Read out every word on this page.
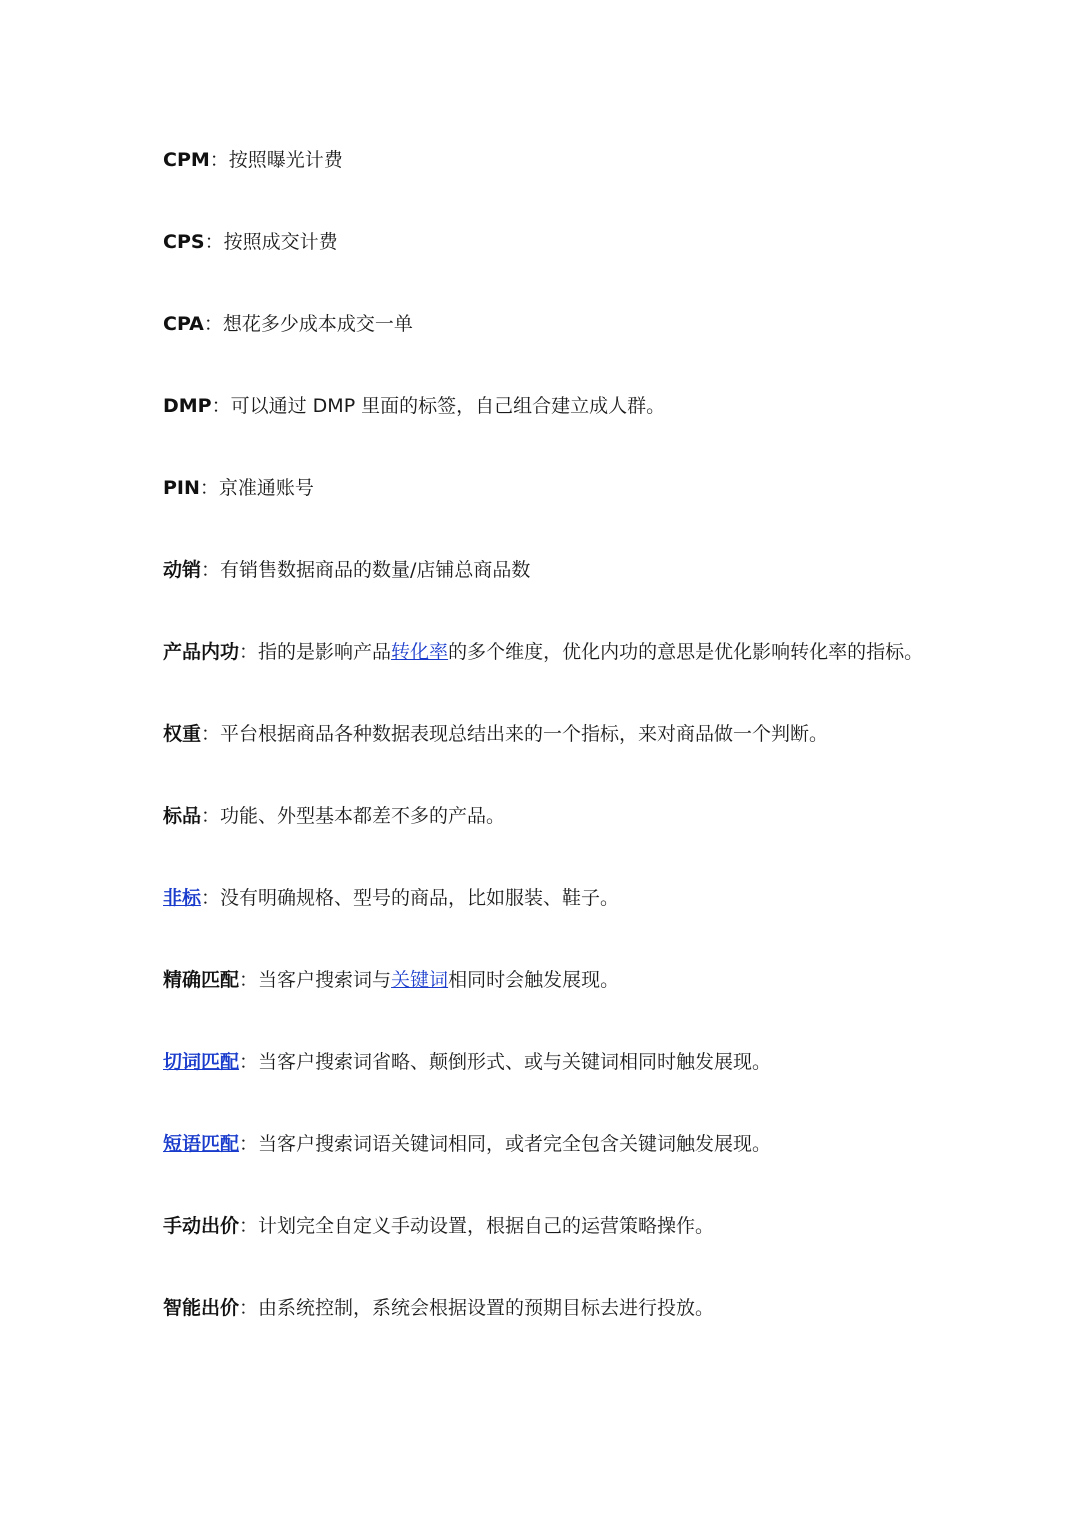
CPM：按照曝光计费
CPS：按照成交计费
CPA：想花多少成本成交一单
DMP：可以通过 DMP 里面的标签，自己组合建立成人群。
PIN：京准通账号
动销：有销售数据商品的数量/店铺总商品数
产品内功：指的是影响产品转化率的多个维度，优化内功的意思是优化影响转化率的指标。
权重：平台根据商品各种数据表现总结出来的一个指标，来对商品做一个判断。
标品：功能、外型基本都差不多的产品。
非标：没有明确规格、型号的商品，比如服装、鞋子。
精确匹配：当客户搜索词与关键词相同时会触发展现。
切词匹配：当客户搜索词省略、颠倒形式、或与关键词相同时触发展现。
短语匹配：当客户搜索词语关键词相同，或者完全包含关键词触发展现。
手动出价：计划完全自定义手动设置，根据自己的运营策略操作。
智能出价：由系统控制，系统会根据设置的预期目标去进行投放。
